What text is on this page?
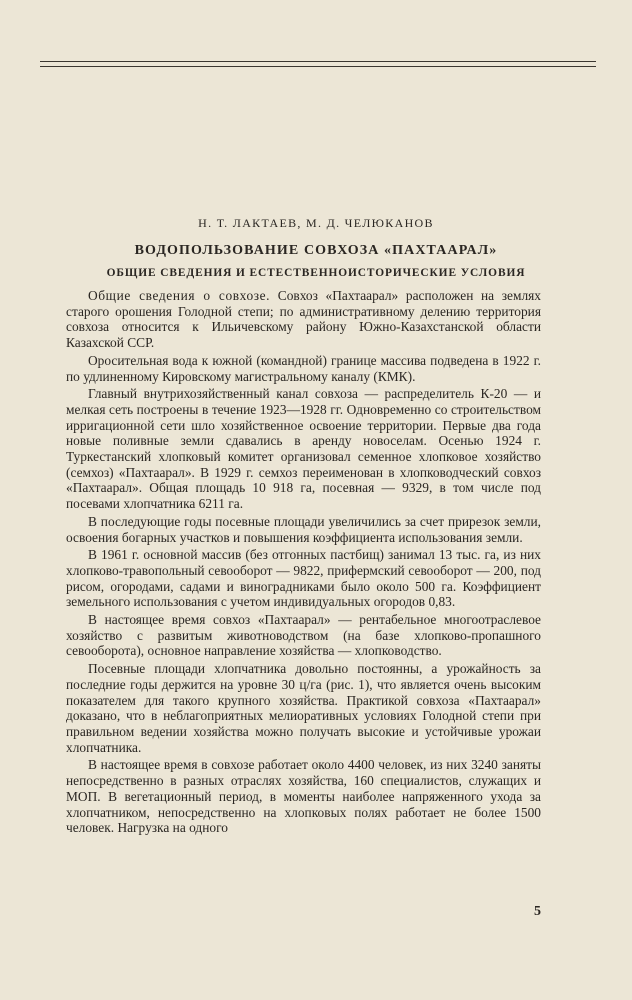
Н. Т. ЛАКТАЕВ, М. Д. ЧЕЛЮКАНОВ
ВОДОПОЛЬЗОВАНИЕ СОВХОЗА «ПАХТААРАЛ»
ОБЩИЕ СВЕДЕНИЯ И ЕСТЕСТВЕННОИСТОРИЧЕСКИЕ УСЛОВИЯ

Общие сведения о совхозе. Совхоз «Пахтаарал» расположен на землях старого орошения Голодной степи; по административному делению территория совхоза относится к Ильичевскому району Южно-Казахстанской области Казахской ССР.

Оросительная вода к южной (командной) границе массива подведена в 1922 г. по удлиненному Кировскому магистральному каналу (КМК).

Главный внутрихозяйственный канал совхоза — распределитель К-20 — и мелкая сеть построены в течение 1923—1928 гг. Одновременно со строительством ирригационной сети шло хозяйственное освоение территории. Первые два года новые поливные земли сдавались в аренду новоселам. Осенью 1924 г. Туркестанский хлопковый комитет организовал семенное хлопковое хозяйство (семхоз) «Пахтаарал». В 1929 г. семхоз переименован в хлопководческий совхоз «Пахтаарал». Общая площадь 10 918 га, посевная — 9329, в том числе под посевами хлопчатника 6211 га.

В последующие годы посевные площади увеличились за счет прирезок земли, освоения богарных участков и повышения коэффициента использования земли.

В 1961 г. основной массив (без отгонных пастбищ) занимал 13 тыс. га, из них хлопково-травопольный севооборот — 9822, прифермский севооборот — 200, под рисом, огородами, садами и виноградниками было около 500 га. Коэффициент земельного использования с учетом индивидуальных огородов 0,83.

В настоящее время совхоз «Пахтаарал» — рентабельное многоотраслевое хозяйство с развитым животноводством (на базе хлопково-пропашного севооборота), основное направление хозяйства — хлопководство.

Посевные площади хлопчатника довольно постоянны, а урожайность за последние годы держится на уровне 30 ц/га (рис. 1), что является очень высоким показателем для такого крупного хозяйства. Практикой совхоза «Пахтаарал» доказано, что в неблагоприятных мелиоративных условиях Голодной степи при правильном ведении хозяйства можно получать высокие и устойчивые урожаи хлопчатника.

В настоящее время в совхозе работает около 4400 человек, из них 3240 заняты непосредственно в разных отраслях хозяйства, 160 специалистов, служащих и МОП. В вегетационный период, в моменты наиболее напряженного ухода за хлопчатником, непосредственно на хлопковых полях работает не более 1500 человек. Нагрузка на одного

5
